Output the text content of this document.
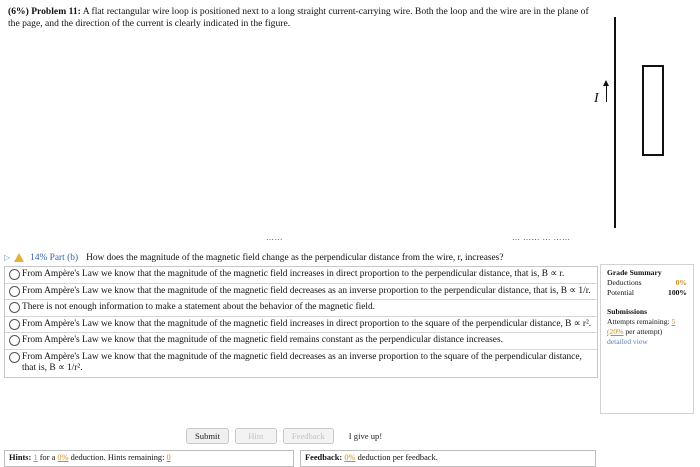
(6%) Problem 11: A flat rectangular wire loop is positioned next to a long straight current-carrying wire. Both the loop and the wire are in the plane of the page, and the direction of the current is clearly indicated in the figure.
I
……	… …… … ……
▷ 14% Part (b) How does the magnitude of the magnetic field change as the perpendicular distance from the wire, r, increases?
From Ampère's Law we know that the magnitude of the magnetic field increases in direct proportion to the perpendicular distance, that is, B ∝ r.
From Ampère's Law we know that the magnitude of the magnetic field decreases as an inverse proportion to the perpendicular distance, that is, B ∝ 1/r.
There is not enough information to make a statement about the behavior of the magnetic field.
From Ampère's Law we know that the magnitude of the magnetic field increases in direct proportion to the square of the perpendicular distance, B ∝ r².
From Ampère's Law we know that the magnitude of the magnetic field remains constant as the perpendicular distance increases.
From Ampère's Law we know that the magnitude of the magnetic field decreases as an inverse proportion to the square of the perpendicular distance, that is, B ∝ 1/r².
Grade Summary
Deductions	0%
Potential	100%
Submissions
Attempts remaining: 5
(20% per attempt)
detailed view
Submit	Hint	Feedback	I give up!
Hints: 1 for a 0% deduction. Hints remaining: 0	Feedback: 0% deduction per feedback.
